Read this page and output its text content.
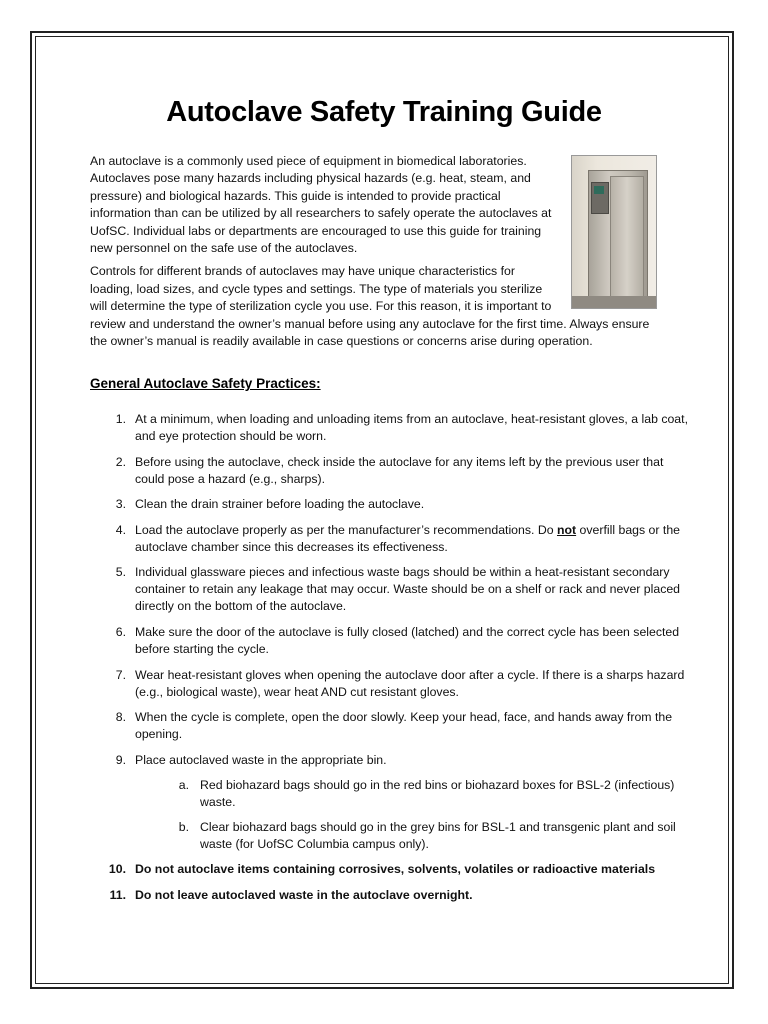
Autoclave Safety Training Guide

An autoclave is a commonly used piece of equipment in biomedical laboratories. Autoclaves pose many hazards including physical hazards (e.g. heat, steam, and pressure) and biological hazards. This guide is intended to provide practical information than can be utilized by all researchers to safely operate the autoclaves at UofSC. Individual labs or departments are encouraged to use this guide for training new personnel on the safe use of the autoclaves.

Controls for different brands of autoclaves may have unique characteristics for loading, load sizes, and cycle types and settings. The type of materials you sterilize will determine the type of sterilization cycle you use. For this reason, it is important to review and understand the owner’s manual before using any autoclave for the first time. Always ensure the owner’s manual is readily available in case questions or concerns arise during operation.

General Autoclave Safety Practices:
1. At a minimum, when loading and unloading items from an autoclave, heat-resistant gloves, a lab coat, and eye protection should be worn.
2. Before using the autoclave, check inside the autoclave for any items left by the previous user that could pose a hazard (e.g., sharps).
3. Clean the drain strainer before loading the autoclave.
4. Load the autoclave properly as per the manufacturer’s recommendations. Do not overfill bags or the autoclave chamber since this decreases its effectiveness.
5. Individual glassware pieces and infectious waste bags should be within a heat-resistant secondary container to retain any leakage that may occur. Waste should be on a shelf or rack and never placed directly on the bottom of the autoclave.
6. Make sure the door of the autoclave is fully closed (latched) and the correct cycle has been selected before starting the cycle.
7. Wear heat-resistant gloves when opening the autoclave door after a cycle. If there is a sharps hazard (e.g., biological waste), wear heat AND cut resistant gloves.
8. When the cycle is complete, open the door slowly. Keep your head, face, and hands away from the opening.
9. Place autoclaved waste in the appropriate bin.
a. Red biohazard bags should go in the red bins or biohazard boxes for BSL-2 (infectious) waste.
b. Clear biohazard bags should go in the grey bins for BSL-1 and transgenic plant and soil waste (for UofSC Columbia campus only).
10. Do not autoclave items containing corrosives, solvents, volatiles or radioactive materials
11. Do not leave autoclaved waste in the autoclave overnight.
